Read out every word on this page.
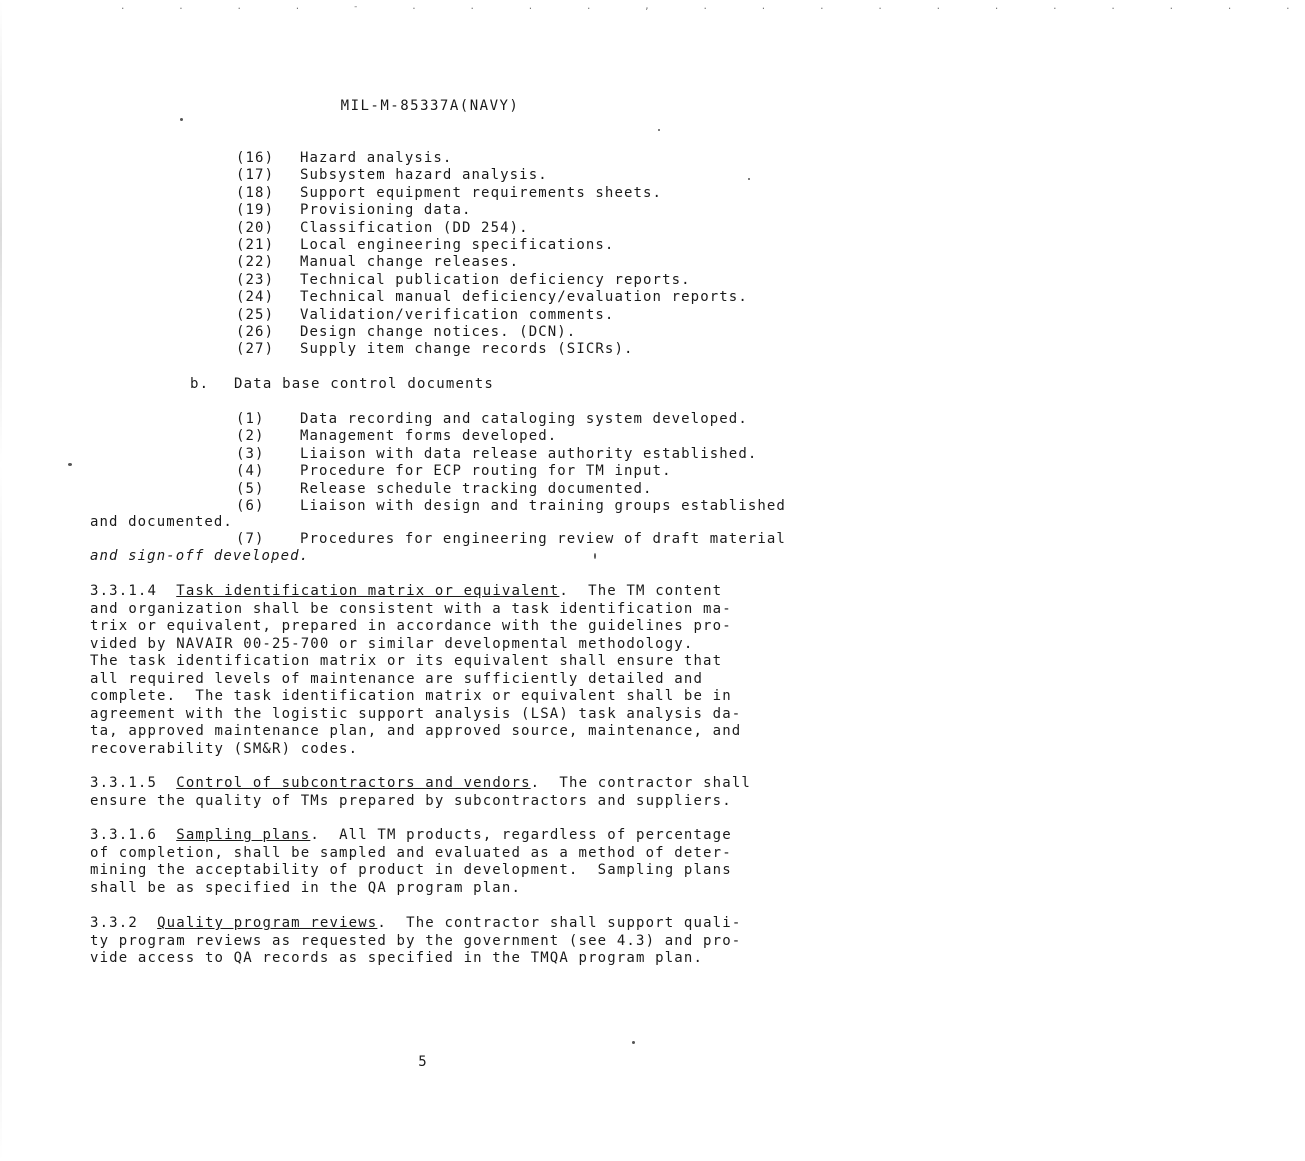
.  .  .  .  -  .  .  .  .  ,  .  .  .  .  .  .  .  .  .  .  .
MIL-M-85337A(NAVY)
(16)	Hazard analysis.
(17)	Subsystem hazard analysis.
(18)	Support equipment requirements sheets.
(19)	Provisioning data.
(20)	Classification (DD 254).
(21)	Local engineering specifications.
(22)	Manual change releases.
(23)	Technical publication deficiency reports.
(24)	Technical manual deficiency/evaluation reports.
(25)	Validation/verification comments.
(26)	Design change notices. (DCN).
(27)	Supply item change records (SICRs).
b. Data base control documents
(1)	Data recording and cataloging system developed.
(2)	Management forms developed.
(3)	Liaison with data release authority established.
(4)	Procedure for ECP routing for TM input.
(5)	Release schedule tracking documented.
(6)	Liaison with design and training groups established
and documented.
(7)	Procedures for engineering review of draft material
and sign-off developed.
3.3.1.4 Task identification matrix or equivalent.  The TM content
and organization shall be consistent with a task identification ma-
trix or equivalent, prepared in accordance with the guidelines pro-
vided by NAVAIR 00-25-700 or similar developmental methodology.
The task identification matrix or its equivalent shall ensure that
all required levels of maintenance are sufficiently detailed and
complete.  The task identification matrix or equivalent shall be in
agreement with the logistic support analysis (LSA) task analysis da-
ta, approved maintenance plan, and approved source, maintenance, and
recoverability (SM&R) codes.
3.3.1.5 Control of subcontractors and vendors.  The contractor shall
ensure the quality of TMs prepared by subcontractors and suppliers.
3.3.1.6 Sampling plans.  All TM products, regardless of percentage
of completion, shall be sampled and evaluated as a method of deter-
mining the acceptability of product in development.  Sampling plans
shall be as specified in the QA program plan.
3.3.2 Quality program reviews.  The contractor shall support quali-
ty program reviews as requested by the government (see 4.3) and pro-
vide access to QA records as specified in the TMQA program plan.
5
